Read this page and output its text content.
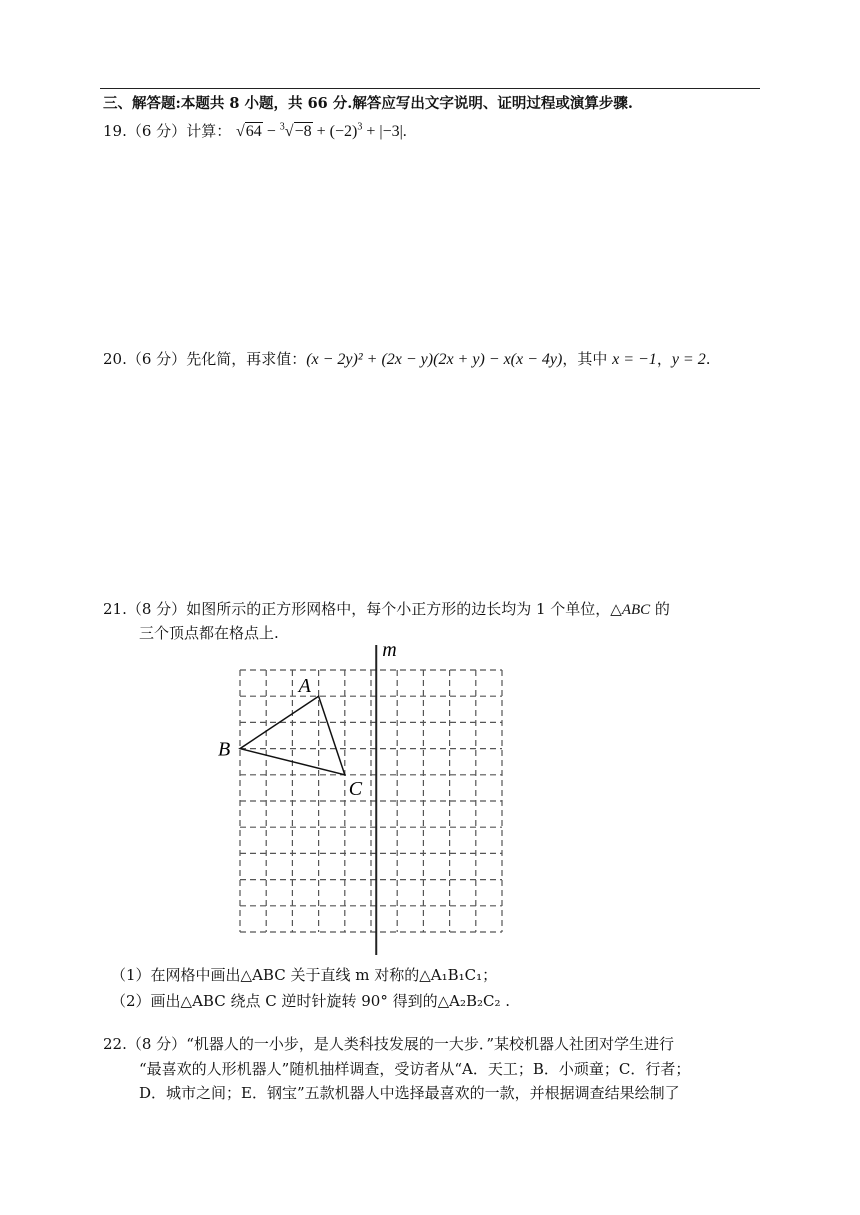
三、解答题:本题共 8 小题，共 66 分.解答应写出文字说明、证明过程或演算步骤.
19.（6 分）计算： $√64 - ^3√-8 + (-2)^3 + |-3|$.
20.（6 分）先化简，再求值：(x − 2y)² + (2x − y)(2x + y) − x(x − 4y)，其中 x = −1，y = 2.
21.（8 分）如图所示的正方形网格中，每个小正方形的边长均为 1 个单位，△ABC 的
三个顶点都在格点上.
m
A
B
C
（1）在网格中画出△ABC 关于直线 m 对称的△A₁B₁C₁；
（2）画出△ABC 绕点 C 逆时针旋转 90° 得到的△A₂B₂C₂ .
22.（8 分）“机器人的一小步，是人类科技发展的一大步．”某校机器人社团对学生进行
“最喜欢的人形机器人”随机抽样调查，受访者从“A．天工；B．小顽童；C．行者；
D．城市之间；E．钢宝”五款机器人中选择最喜欢的一款，并根据调查结果绘制了
